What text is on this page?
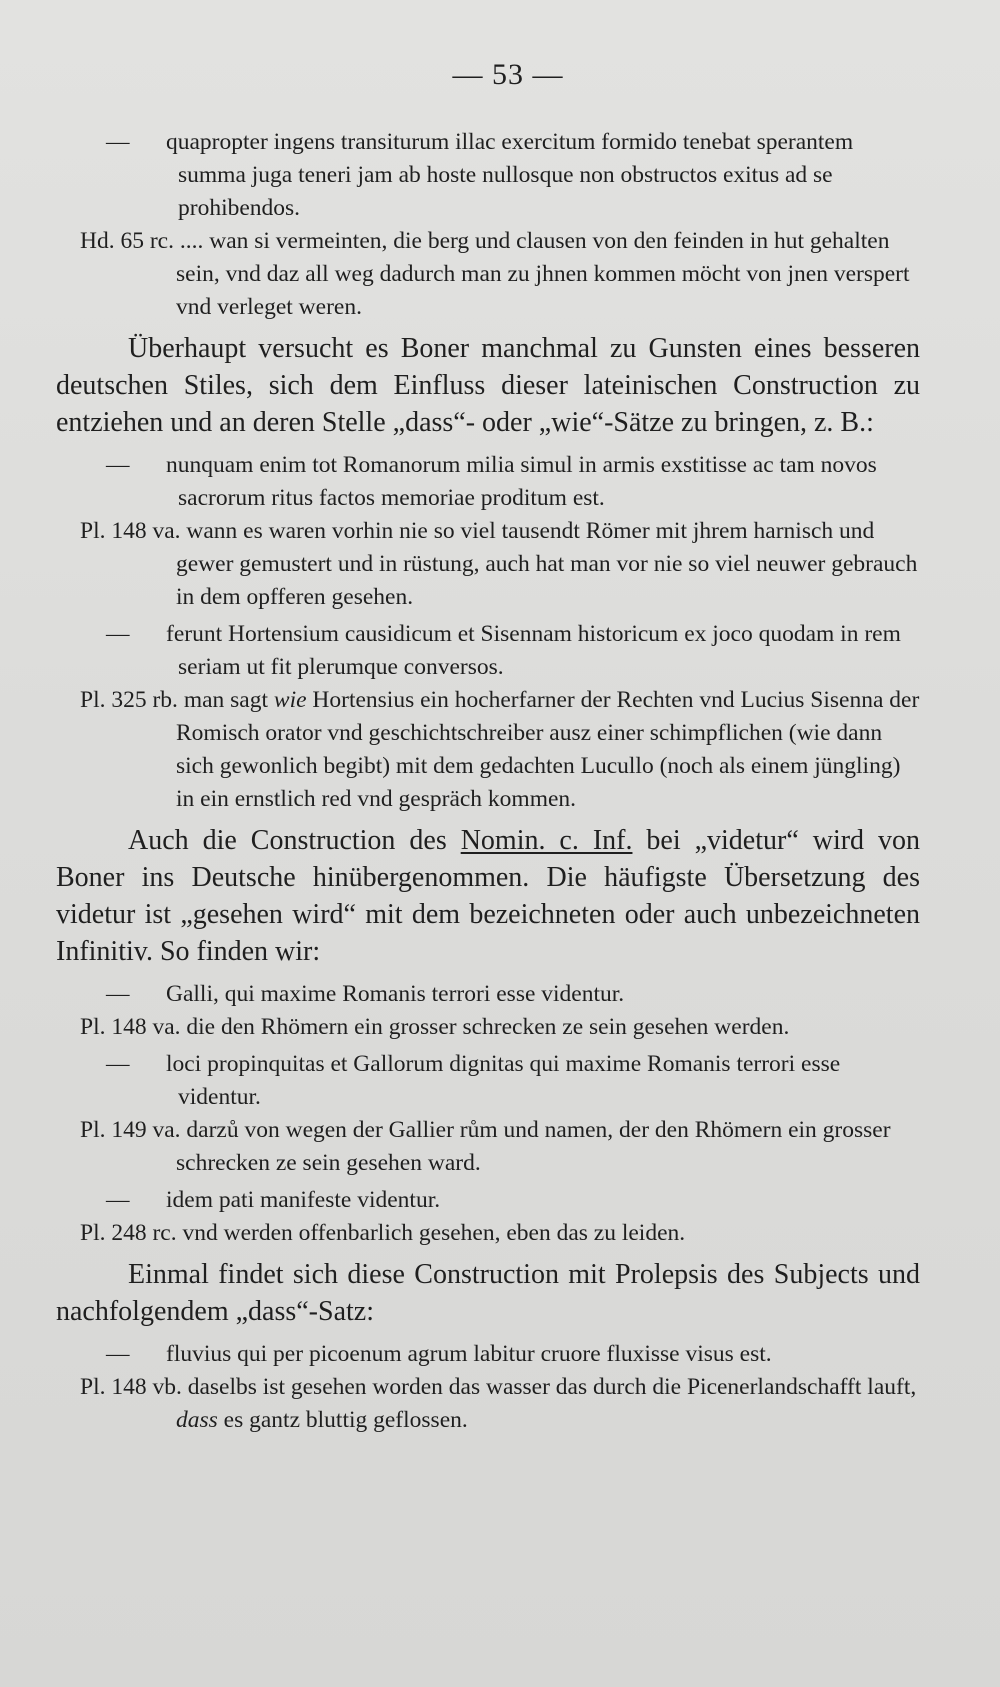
— 53 —

— quapropter ingens transiturum illac exercitum formido tenebat sperantem summa juga teneri jam ab hoste nullosque non obstructos exitus ad se prohibendos.

Hd. 65 rc. .... wan si vermeinten, die berg und clausen von den feinden in hut gehalten sein, vnd daz all weg dadurch man zu jhnen kommen möcht von jnen verspert vnd verleget weren.

Überhaupt versucht es Boner manchmal zu Gunsten eines besseren deutschen Stiles, sich dem Einfluss dieser lateinischen Construction zu entziehen und an deren Stelle „dass“- oder „wie“-Sätze zu bringen, z. B.:

— nunquam enim tot Romanorum milia simul in armis exstitisse ac tam novos sacrorum ritus factos memoriae proditum est.

Pl. 148 va. wann es waren vorhin nie so viel tausendt Römer mit jhrem harnisch und gewer gemustert und in rüstung, auch hat man vor nie so viel neuwer gebrauch in dem opfferen gesehen.

— ferunt Hortensium causidicum et Sisennam historicum ex joco quodam in rem seriam ut fit plerumque conversos.

Pl. 325 rb. man sagt wie Hortensius ein hocherfarner der Rechten vnd Lucius Sisenna der Romisch orator vnd geschichtschreiber ausz einer schimpflichen (wie dann sich gewonlich begibt) mit dem gedachten Lucullo (noch als einem jüngling) in ein ernstlich red vnd gespräch kommen.

Auch die Construction des Nomin. c. Inf. bei „videtur“ wird von Boner ins Deutsche hinübergenommen. Die häufigste Übersetzung des videtur ist „gesehen wird“ mit dem bezeichneten oder auch unbezeichneten Infinitiv. So finden wir:

— Galli, qui maxime Romanis terrori esse videntur.

Pl. 148 va. die den Rhömern ein grosser schrecken ze sein gesehen werden.

— loci propinquitas et Gallorum dignitas qui maxime Romanis terrori esse videntur.

Pl. 149 va. darzů von wegen der Gallier rům und namen, der den Rhömern ein grosser schrecken ze sein gesehen ward.

— idem pati manifeste videntur.

Pl. 248 rc. vnd werden offenbarlich gesehen, eben das zu leiden.

Einmal findet sich diese Construction mit Prolepsis des Subjects und nachfolgendem „dass“-Satz:

— fluvius qui per picoenum agrum labitur cruore fluxisse visus est.

Pl. 148 vb. daselbs ist gesehen worden das wasser das durch die Picenerlandschafft lauft, dass es gantz bluttig geflossen.
